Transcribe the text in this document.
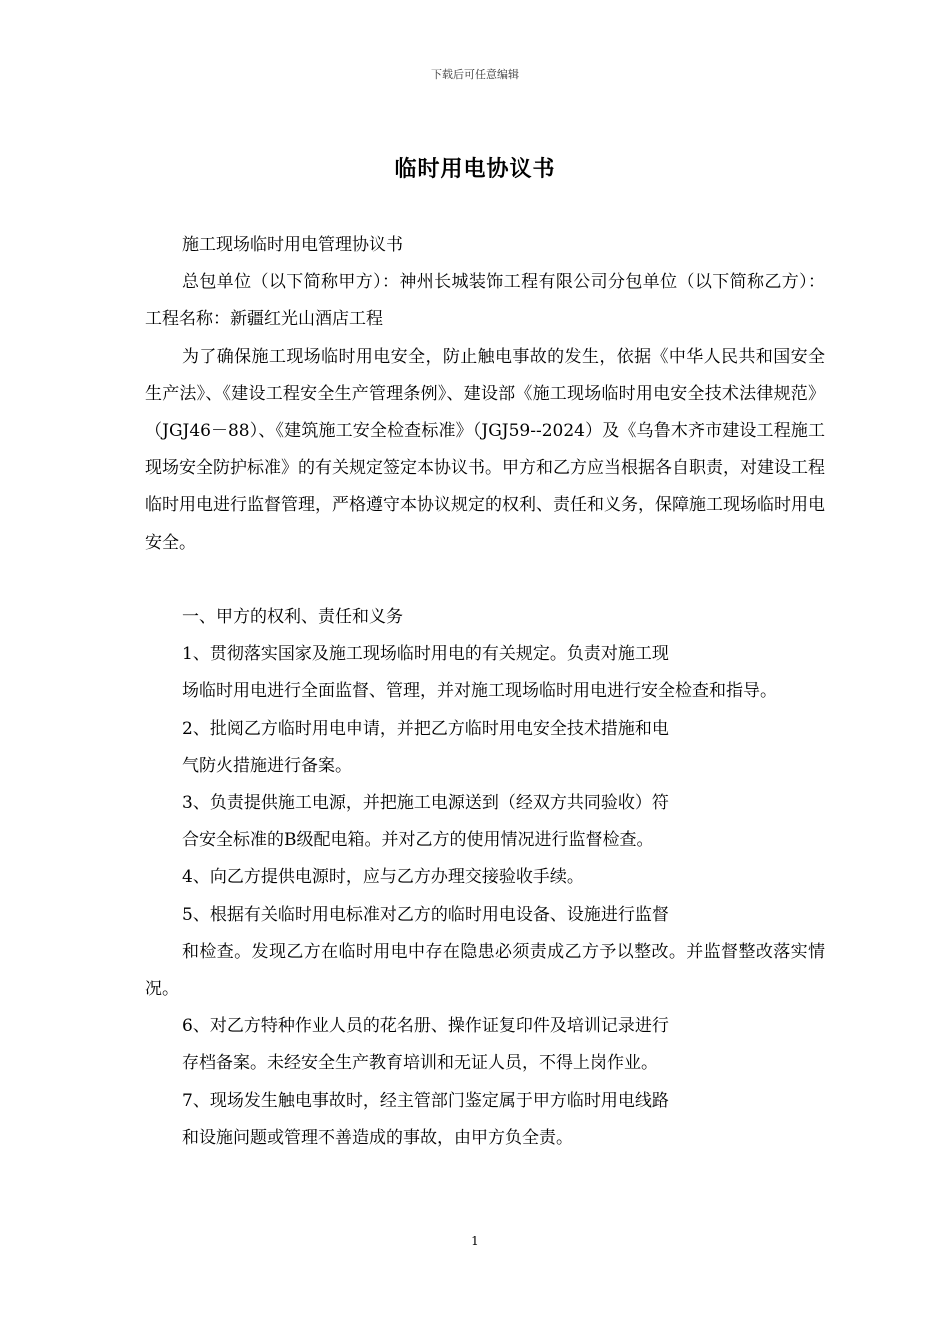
下载后可任意编辑
临时用电协议书

施工现场临时用电管理协议书

总包单位（以下简称甲方）：神州长城装饰工程有限公司分包单位（以下简称乙方）：工程名称：新疆红光山酒店工程

为了确保施工现场临时用电安全，防止触电事故的发生，依据《中华人民共和国安全生产法》、《建设工程安全生产管理条例》、建设部《施工现场临时用电安全技术法律规范》（JGJ46－88）、《建筑施工安全检查标准》（JGJ59--2024）及《乌鲁木齐市建设工程施工现场安全防护标准》的有关规定签定本协议书。甲方和乙方应当根据各自职责，对建设工程临时用电进行监督管理，严格遵守本协议规定的权利、责任和义务，保障施工现场临时用电安全。

一、甲方的权利、责任和义务

1、贯彻落实国家及施工现场临时用电的有关规定。负责对施工现

场临时用电进行全面监督、管理，并对施工现场临时用电进行安全检查和指导。

2、批阅乙方临时用电申请，并把乙方临时用电安全技术措施和电

气防火措施进行备案。

3、负责提供施工电源，并把施工电源送到（经双方共同验收）符

合安全标准的B级配电箱。并对乙方的使用情况进行监督检查。

4、向乙方提供电源时，应与乙方办理交接验收手续。

5、根据有关临时用电标准对乙方的临时用电设备、设施进行监督

和检查。发现乙方在临时用电中存在隐患必须责成乙方予以整改。并监督整改落实情况。

6、对乙方特种作业人员的花名册、操作证复印件及培训记录进行

存档备案。未经安全生产教育培训和无证人员，不得上岗作业。

7、现场发生触电事故时，经主管部门鉴定属于甲方临时用电线路

和设施问题或管理不善造成的事故，由甲方负全责。

1
